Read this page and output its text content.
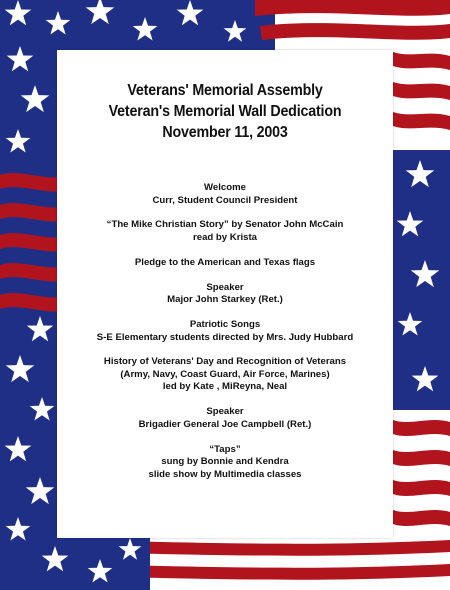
Veterans' Memorial Assembly
Veteran's Memorial Wall Dedication
November 11, 2003
Welcome
Curr, Student Council President
“The Mike Christian Story” by Senator John McCain
read by Krista
Pledge to the American and Texas flags
Speaker
Major John Starkey (Ret.)
Patriotic Songs
S-E Elementary students directed by Mrs. Judy Hubbard
History of Veterans' Day and Recognition of Veterans
(Army, Navy, Coast Guard, Air Force, Marines)
led by Kate , MiReyna, Neal
Speaker
Brigadier General Joe Campbell (Ret.)
“Taps”
sung by Bonnie and Kendra
slide show by Multimedia classes
